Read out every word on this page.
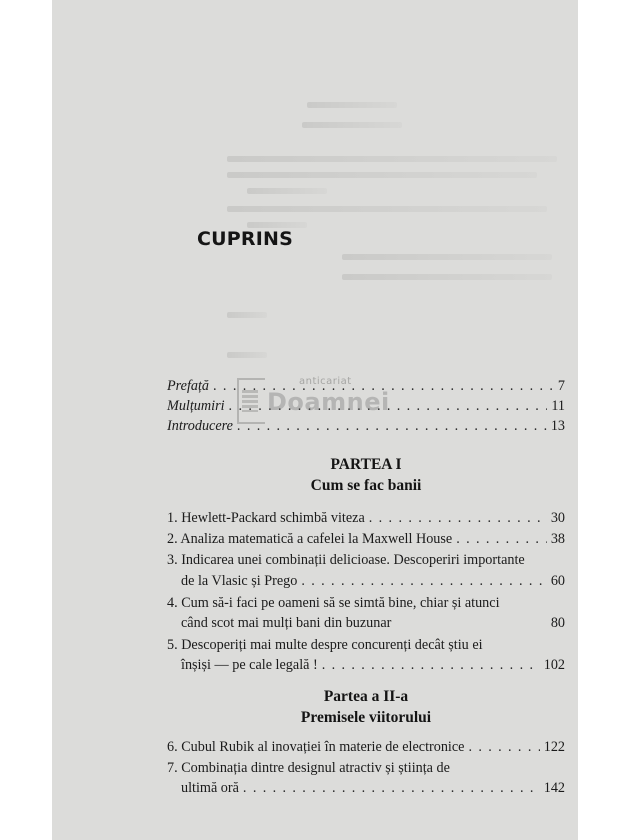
CUPRINS
Prefață . . .	7
Mulțumiri . . .	11
Introducere . . .	13
PARTEA I
Cum se fac banii
1. Hewlett-Packard schimbă viteza . . .	30
2. Analiza matematică a cafelei la Maxwell House . . .	38
3. Indicarea unei combinații delicioase. Descoperiri importante
de la Vlasic și Prego . . .	60
4. Cum să-i faci pe oameni să se simtă bine, chiar și atunci
când scot mai mulți bani din buzunar	80
5. Descoperiți mai multe despre concurenți decât știu ei
înșiși — pe cale legală ! . . .	102
Partea a II-a
Premisele viitorului
6. Cubul Rubik al inovației în materie de electronice . . .	122
7. Combinația dintre designul atractiv și știința de
ultimă oră . . .	142
anticariat
Doamnei
